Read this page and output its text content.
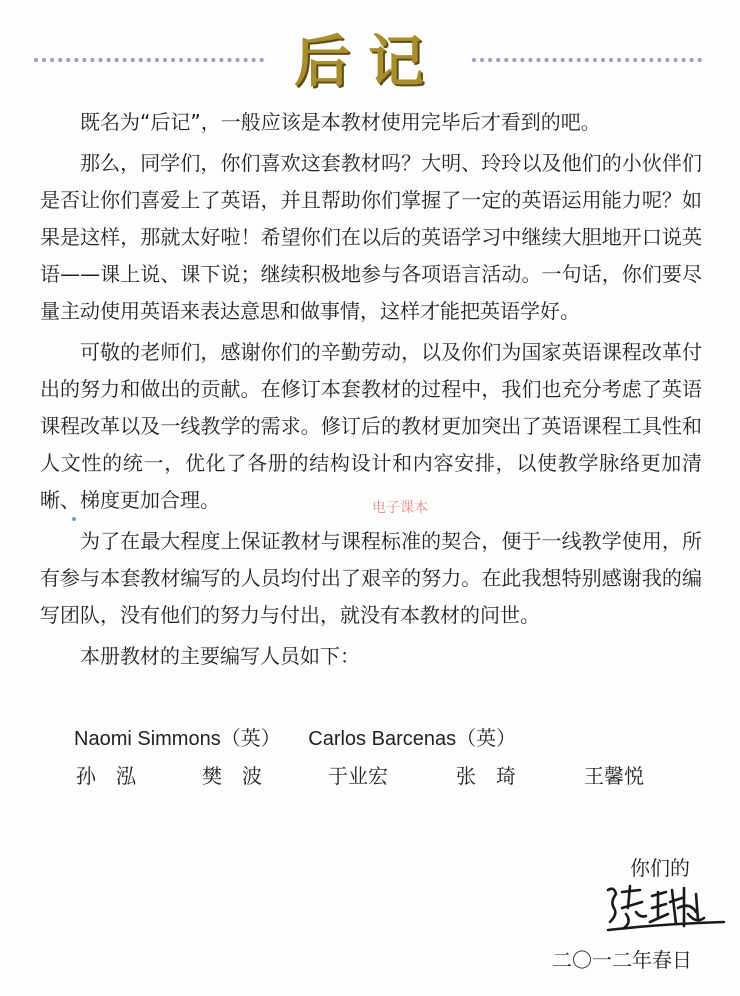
后记

既名为“后记”，一般应该是本教材使用完毕后才看到的吧。

那么，同学们，你们喜欢这套教材吗？大明、玲玲以及他们的小伙伴们是否让你们喜爱上了英语，并且帮助你们掌握了一定的英语运用能力呢？如果是这样，那就太好啦！希望你们在以后的英语学习中继续大胆地开口说英语——课上说、课下说；继续积极地参与各项语言活动。一句话，你们要尽量主动使用英语来表达意思和做事情，这样才能把英语学好。

可敬的老师们，感谢你们的辛勤劳动，以及你们为国家英语课程改革付出的努力和做出的贡献。在修订本套教材的过程中，我们也充分考虑了英语课程改革以及一线教学的需求。修订后的教材更加突出了英语课程工具性和人文性的统一，优化了各册的结构设计和内容安排，以使教学脉络更加清晰、梯度更加合理。

为了在最大程度上保证教材与课程标准的契合，便于一线教学使用，所有参与本套教材编写的人员均付出了艰辛的努力。在此我想特别感谢我的编写团队，没有他们的努力与付出，就没有本教材的问世。

本册教材的主要编写人员如下：

电子课本
Naomi Simmons（英） Carlos Barcenas（英）
孙　泓	樊　波	于业宏	张　琦	王馨悦
你们的
二〇一二年春日
